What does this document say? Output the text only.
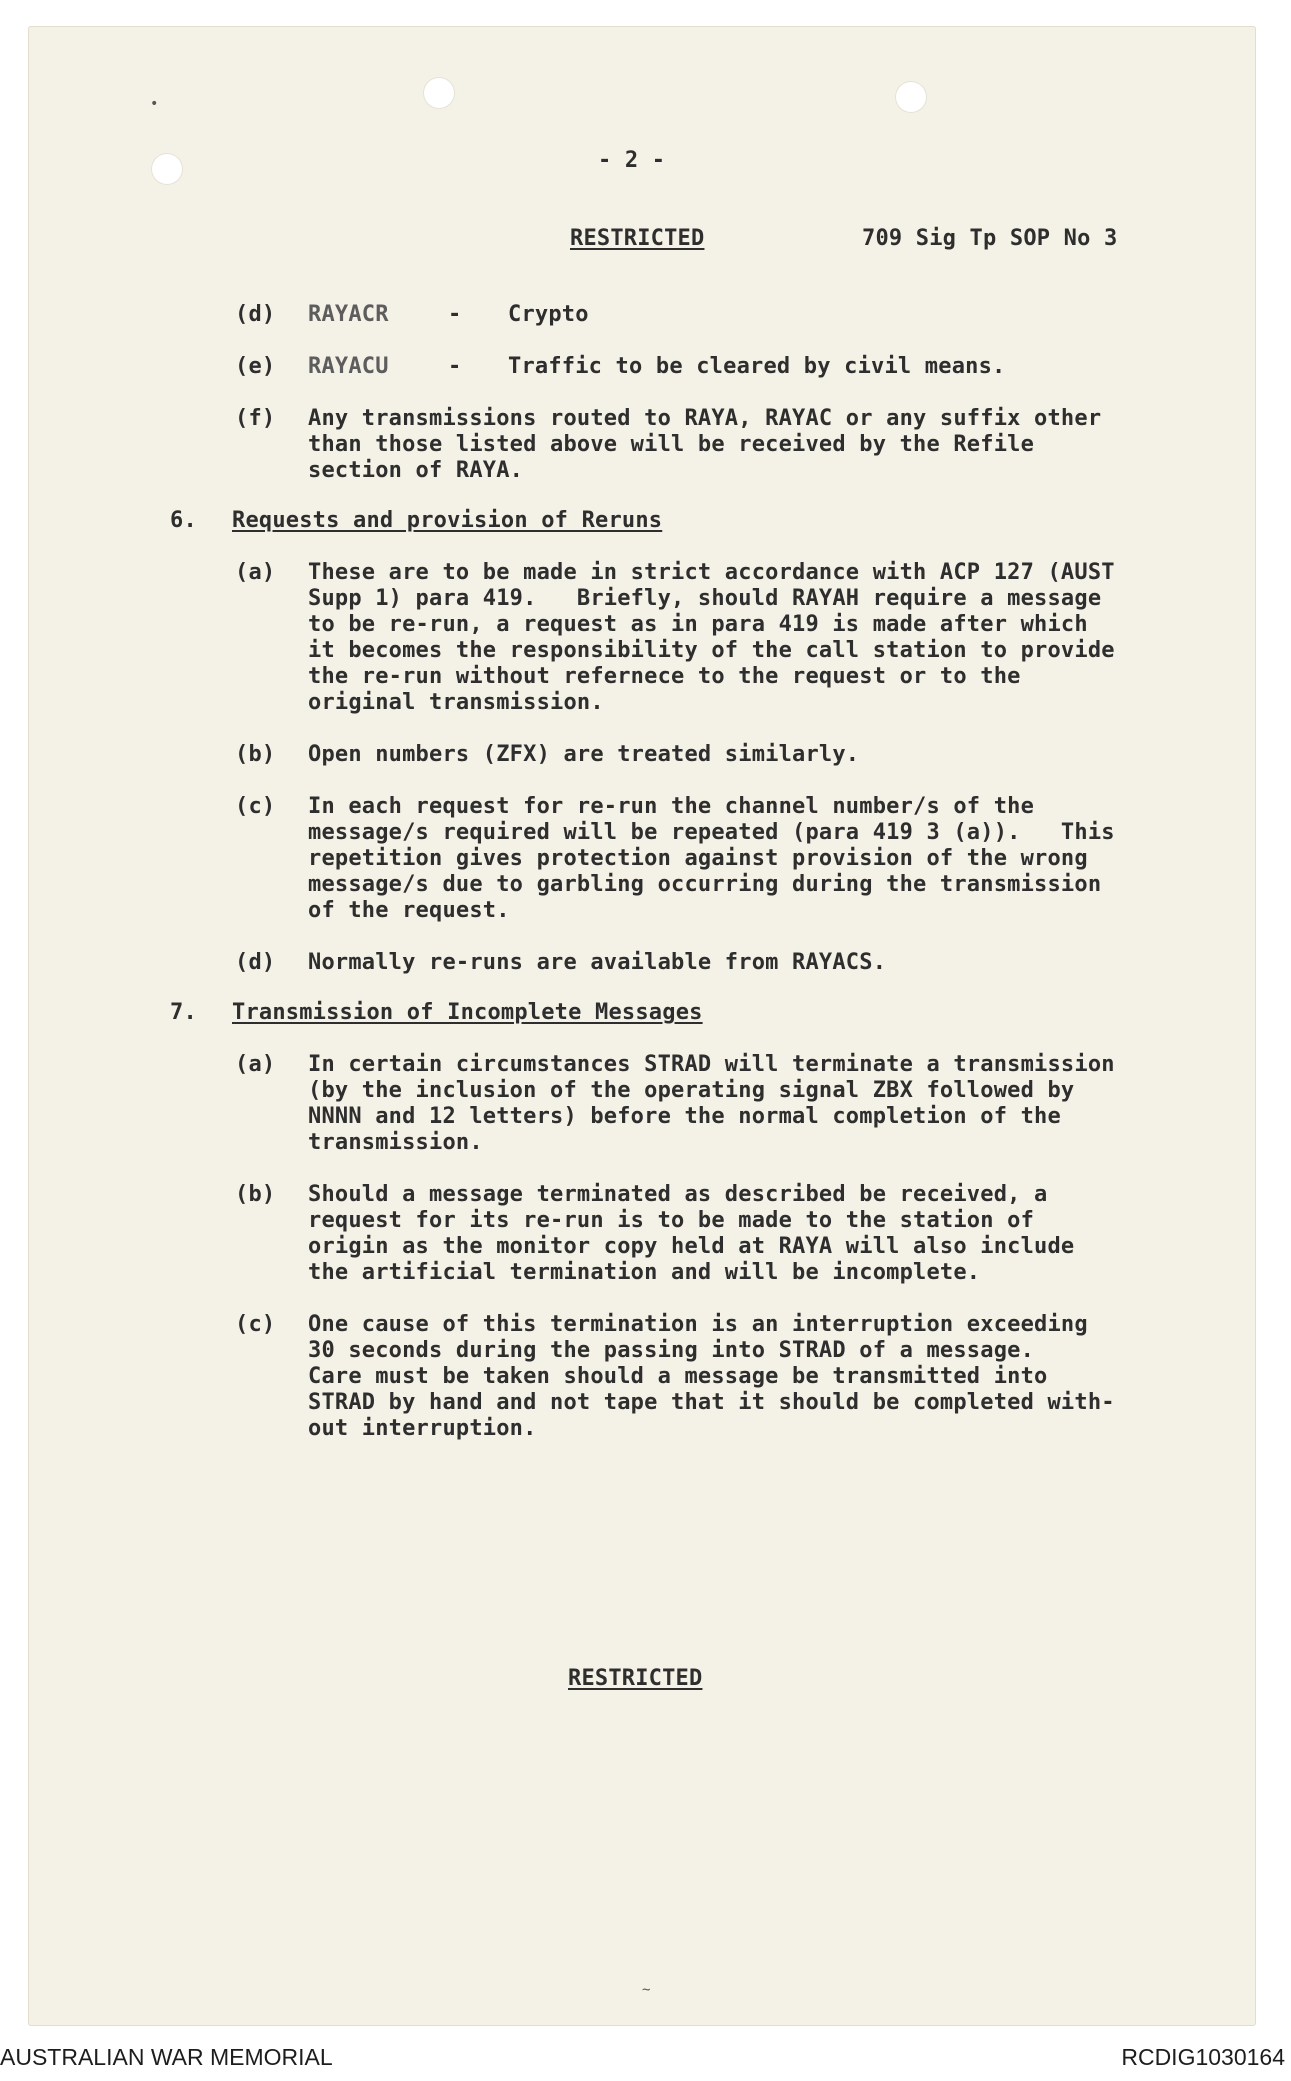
•
~
- 2 -
RESTRICTED	709 Sig Tp SOP No 3
(d) RAYACR	- Crypto
(e) RAYACU	- Traffic to be cleared by civil means.
(f) Any transmissions routed to RAYA, RAYAC or any suffix other
than those listed above will be received by the Refile
section of RAYA.
6. Requests and provision of Reruns
(a) These are to be made in strict accordance with ACP 127 (AUST
Supp 1) para 419.   Briefly, should RAYAH require a message
to be re-run, a request as in para 419 is made after which
it becomes the responsibility of the call station to provide
the re-run without refernece to the request or to the
original transmission.
(b) Open numbers (ZFX) are treated similarly.
(c) In each request for re-run the channel number/s of the
message/s required will be repeated (para 419 3 (a)).   This
repetition gives protection against provision of the wrong
message/s due to garbling occurring during the transmission
of the request.
(d) Normally re-runs are available from RAYACS.
7. Transmission of Incomplete Messages
(a) In certain circumstances STRAD will terminate a transmission
(by the inclusion of the operating signal ZBX followed by
NNNN and 12 letters) before the normal completion of the
transmission.
(b) Should a message terminated as described be received, a
request for its re-run is to be made to the station of
origin as the monitor copy held at RAYA will also include
the artificial termination and will be incomplete.
(c) One cause of this termination is an interruption exceeding
30 seconds during the passing into STRAD of a message.
Care must be taken should a message be transmitted into
STRAD by hand and not tape that it should be completed with-
out interruption.
RESTRICTED
AUSTRALIAN WAR MEMORIAL	RCDIG1030164
